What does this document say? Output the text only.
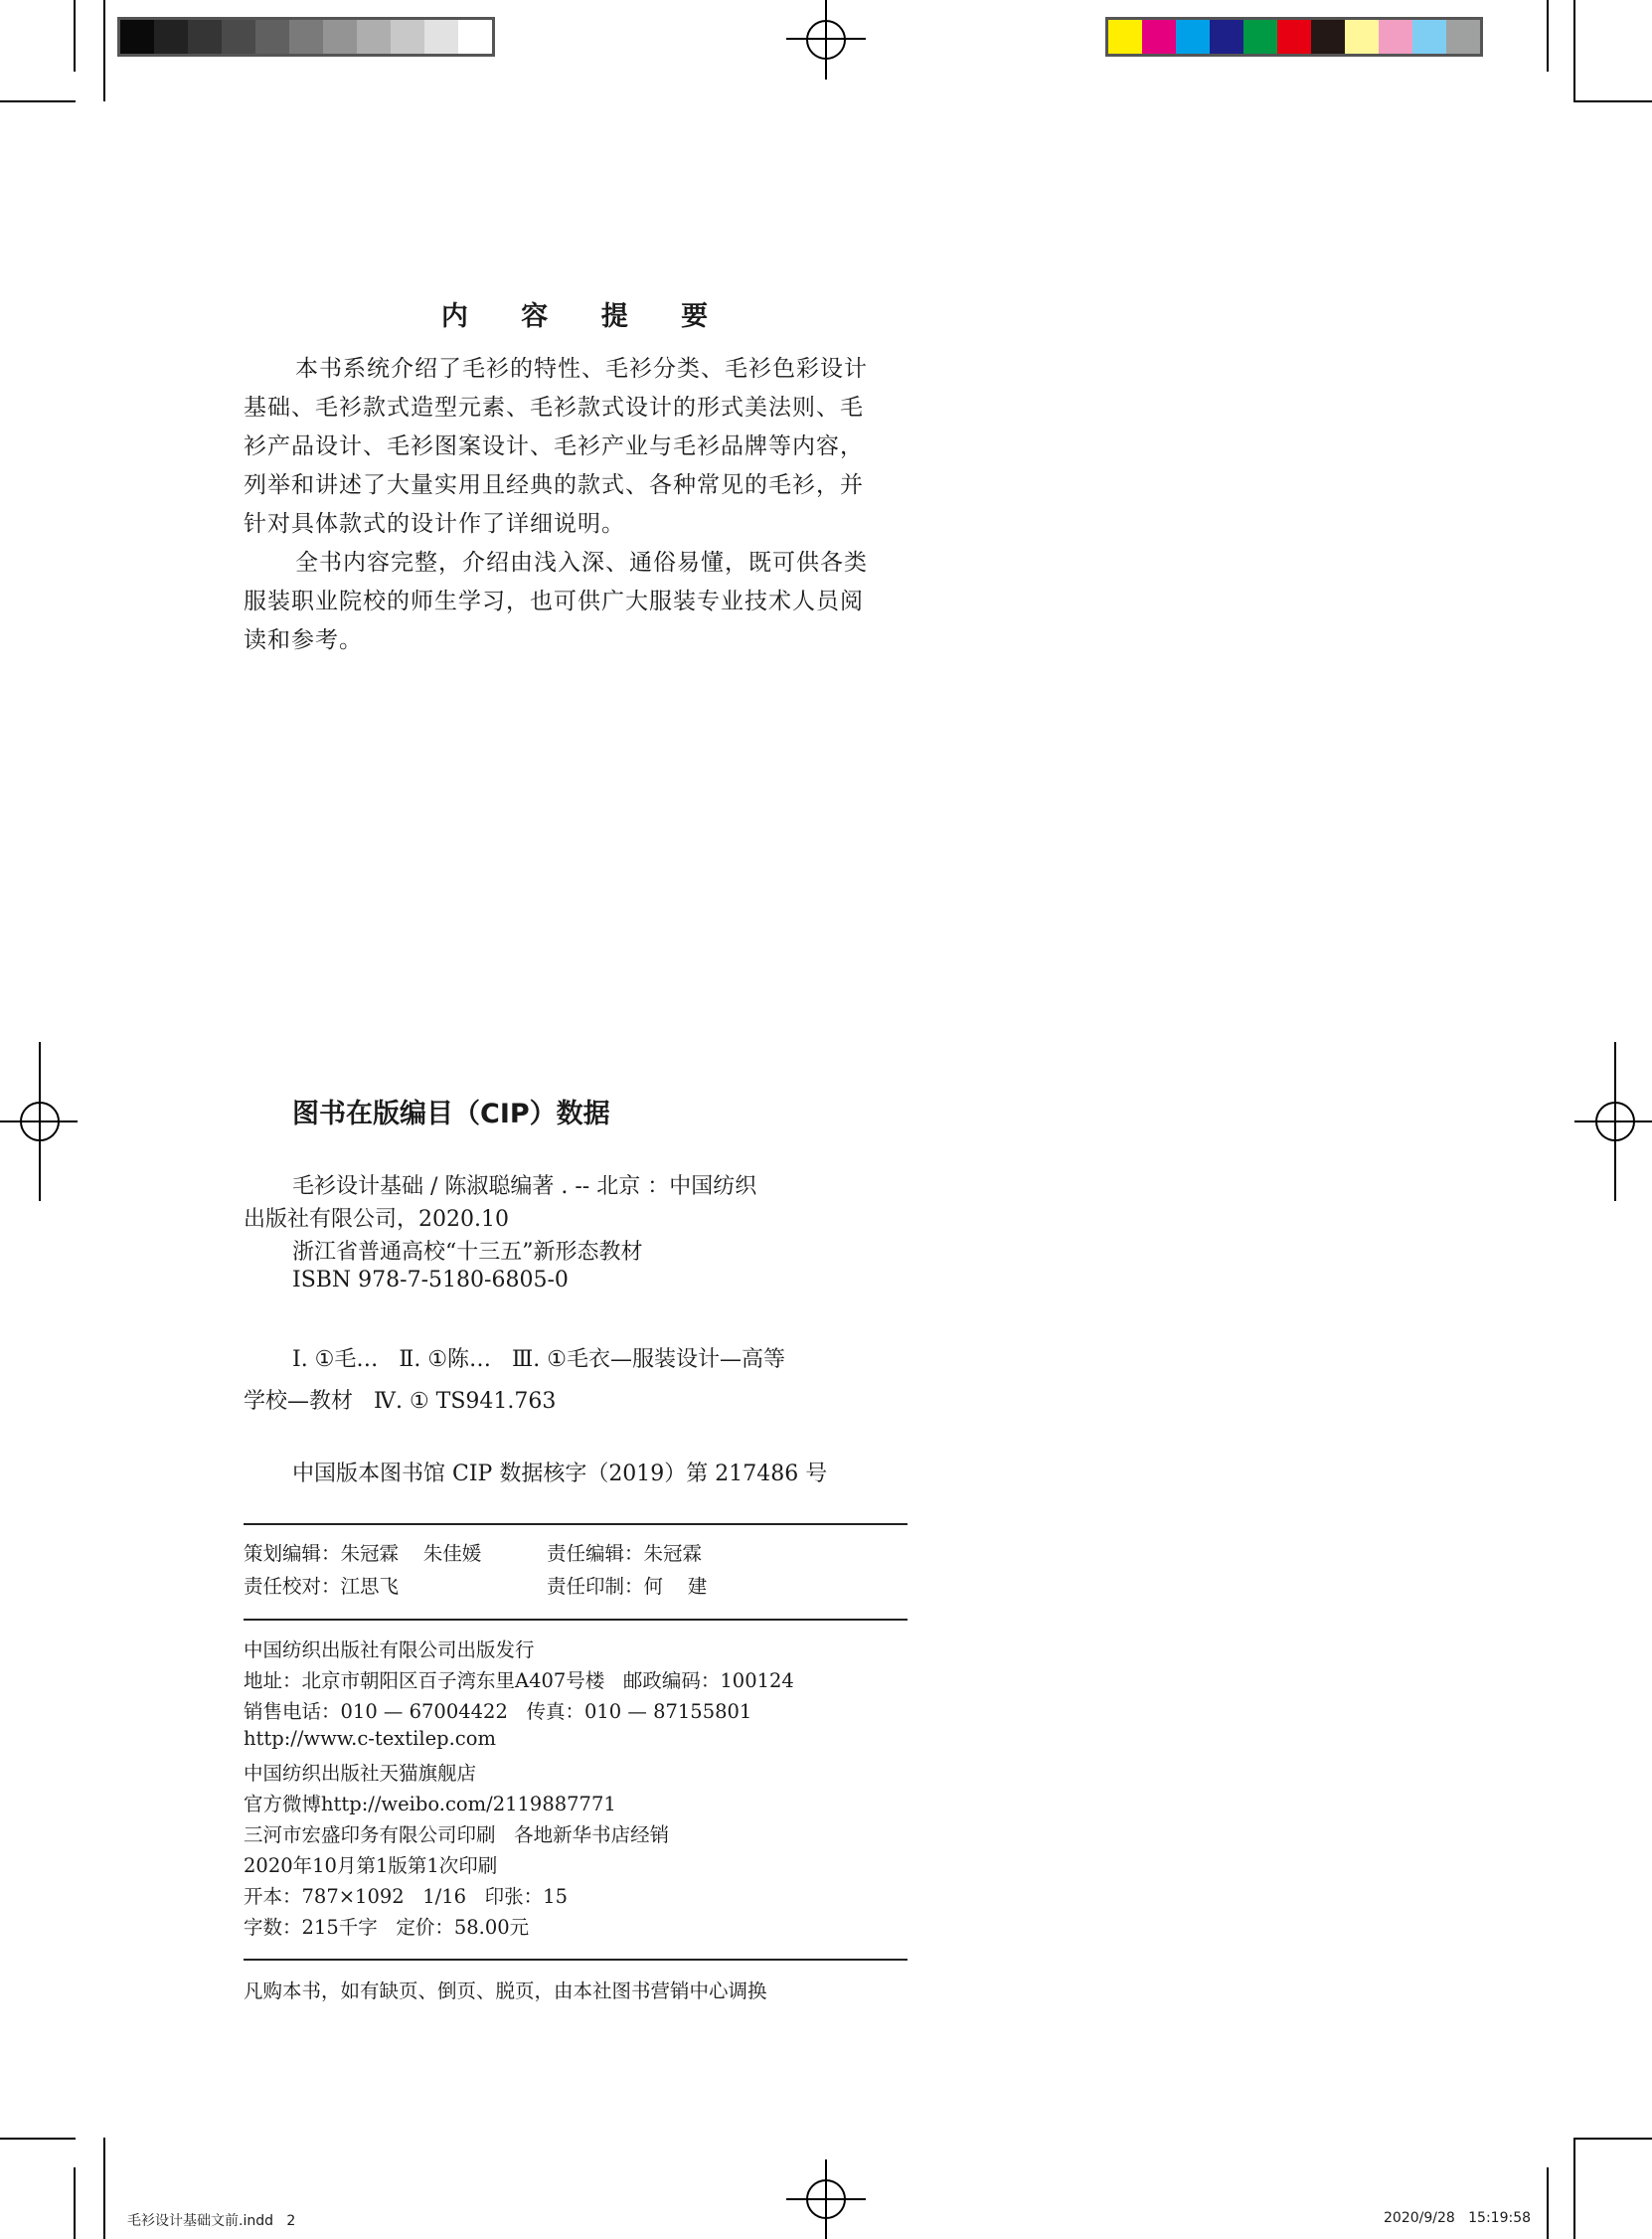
内 容 提 要

本书系统介绍了毛衫的特性、毛衫分类、毛衫色彩设计
基础、毛衫款式造型元素、毛衫款式设计的形式美法则、毛
衫产品设计、毛衫图案设计、毛衫产业与毛衫品牌等内容，
列举和讲述了大量实用且经典的款式、各种常见的毛衫，并
针对具体款式的设计作了详细说明。

全书内容完整，介绍由浅入深、通俗易懂，既可供各类
服装职业院校的师生学习，也可供广大服装专业技术人员阅
读和参考。

图书在版编目（CIP）数据
毛衫设计基础 / 陈淑聪编著 . -- 北京 ：中国纺织
出版社有限公司，2020.10
浙江省普通高校“十三五”新形态教材
ISBN 978-7-5180-6805-0
Ⅰ. ①毛…   Ⅱ. ①陈…   Ⅲ. ①毛衣—服装设计—高等
学校—教材   Ⅳ. ① TS941.763
中国版本图书馆 CIP 数据核字（2019）第 217486 号
策划编辑：朱冠霖    朱佳媛	责任编辑：朱冠霖
责任校对：江思飞	责任印制：何    建
中国纺织出版社有限公司出版发行
地址：北京市朝阳区百子湾东里A407号楼   邮政编码：100124
销售电话：010 — 67004422   传真：010 — 87155801
http://www.c-textilep.com
中国纺织出版社天猫旗舰店
官方微博http://weibo.com/2119887771
三河市宏盛印务有限公司印刷   各地新华书店经销
2020年10月第1版第1次印刷
开本：787×1092   1/16   印张：15
字数：215千字   定价：58.00元
凡购本书，如有缺页、倒页、脱页，由本社图书营销中心调换
毛衫设计基础文前.indd   2	2020/9/28   15:19:58
